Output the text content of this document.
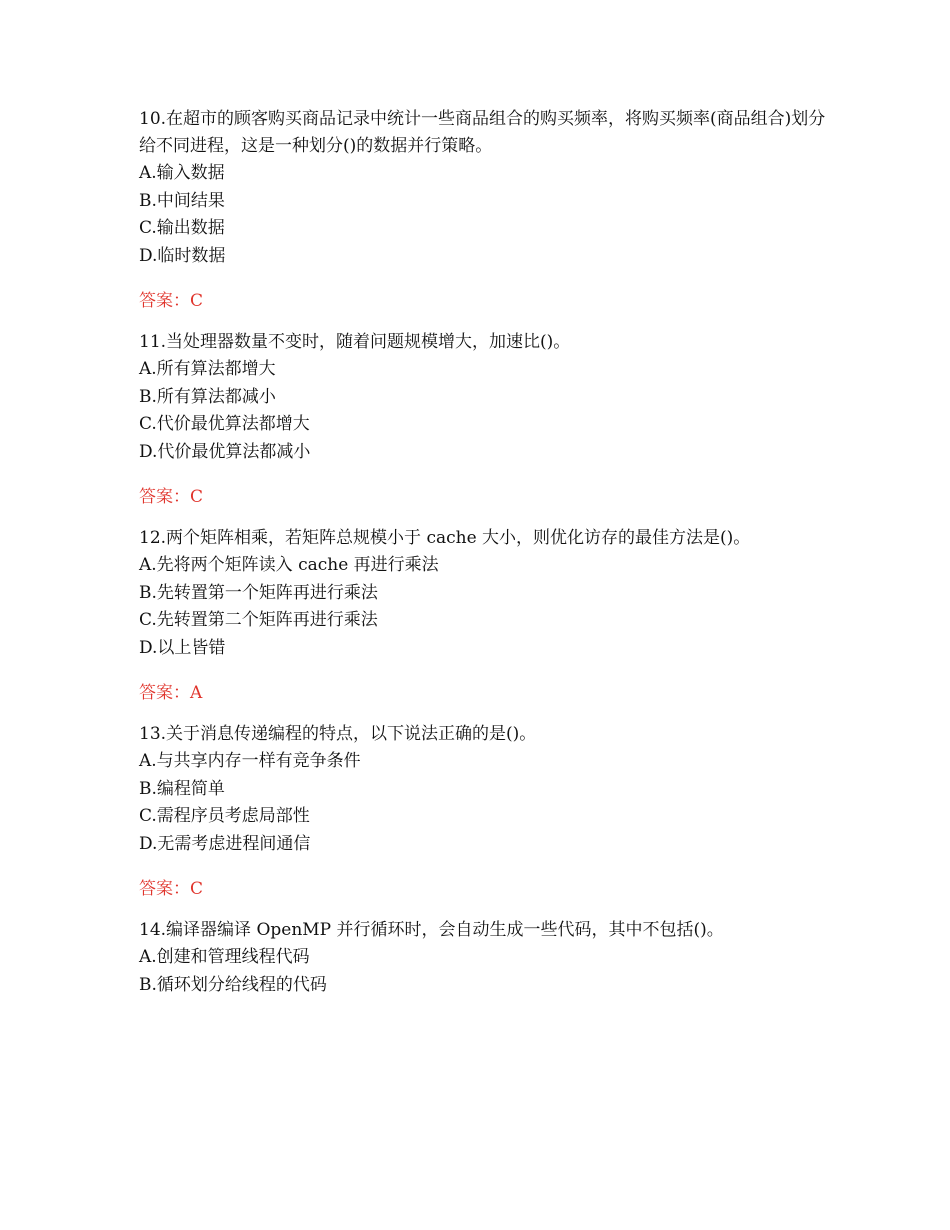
10.在超市的顾客购买商品记录中统计一些商品组合的购买频率，将购买频率(商品组合)划分给不同进程，这是一种划分()的数据并行策略。

A.输入数据
B.中间结果
C.输出数据
D.临时数据

答案：C

11.当处理器数量不变时，随着问题规模增大，加速比()。

A.所有算法都增大
B.所有算法都减小
C.代价最优算法都增大
D.代价最优算法都减小

答案：C

12.两个矩阵相乘，若矩阵总规模小于 cache 大小，则优化访存的最佳方法是()。

A.先将两个矩阵读入 cache 再进行乘法
B.先转置第一个矩阵再进行乘法
C.先转置第二个矩阵再进行乘法
D.以上皆错

答案：A

13.关于消息传递编程的特点，以下说法正确的是()。

A.与共享内存一样有竞争条件
B.编程简单
C.需程序员考虑局部性
D.无需考虑进程间通信

答案：C

14.编译器编译 OpenMP 并行循环时，会自动生成一些代码，其中不包括()。

A.创建和管理线程代码
B.循环划分给线程的代码
